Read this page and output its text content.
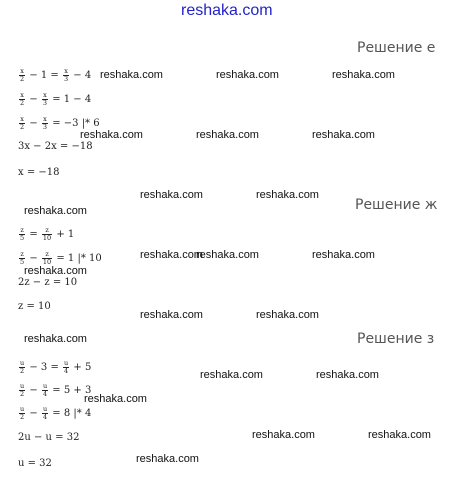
reshaka.com
Решение е
Решение ж
Решение з
$\frac{x}{2} - 1 = \frac{x}{3} - 4$
$\frac{x}{2} - \frac{x}{3} = 1 - 4$
$\frac{x}{2} - \frac{x}{3} = -3$ |* 6
3x − 2x = −18
x = −18
$\frac{z}{5} = \frac{z}{10} + 1$
$\frac{z}{5} - \frac{z}{10} = 1$ |* 10
2z − z = 10
z = 10
$\frac{u}{2} - 3 = \frac{u}{4} + 5$
$\frac{u}{2} - \frac{u}{4} = 5 + 3$
$\frac{u}{2} - \frac{u}{4} = 8$ |* 4
2u − u = 32
u = 32
reshaka.com	reshaka.com	reshaka.com
reshaka.com	reshaka.com	reshaka.com
reshaka.com	reshaka.com
reshaka.com
reshaka.com
reshaka.com	reshaka.com
reshaka.com
reshaka.com	reshaka.com
reshaka.com
reshaka.com	reshaka.com
reshaka.com
reshaka.com	reshaka.com
reshaka.com
